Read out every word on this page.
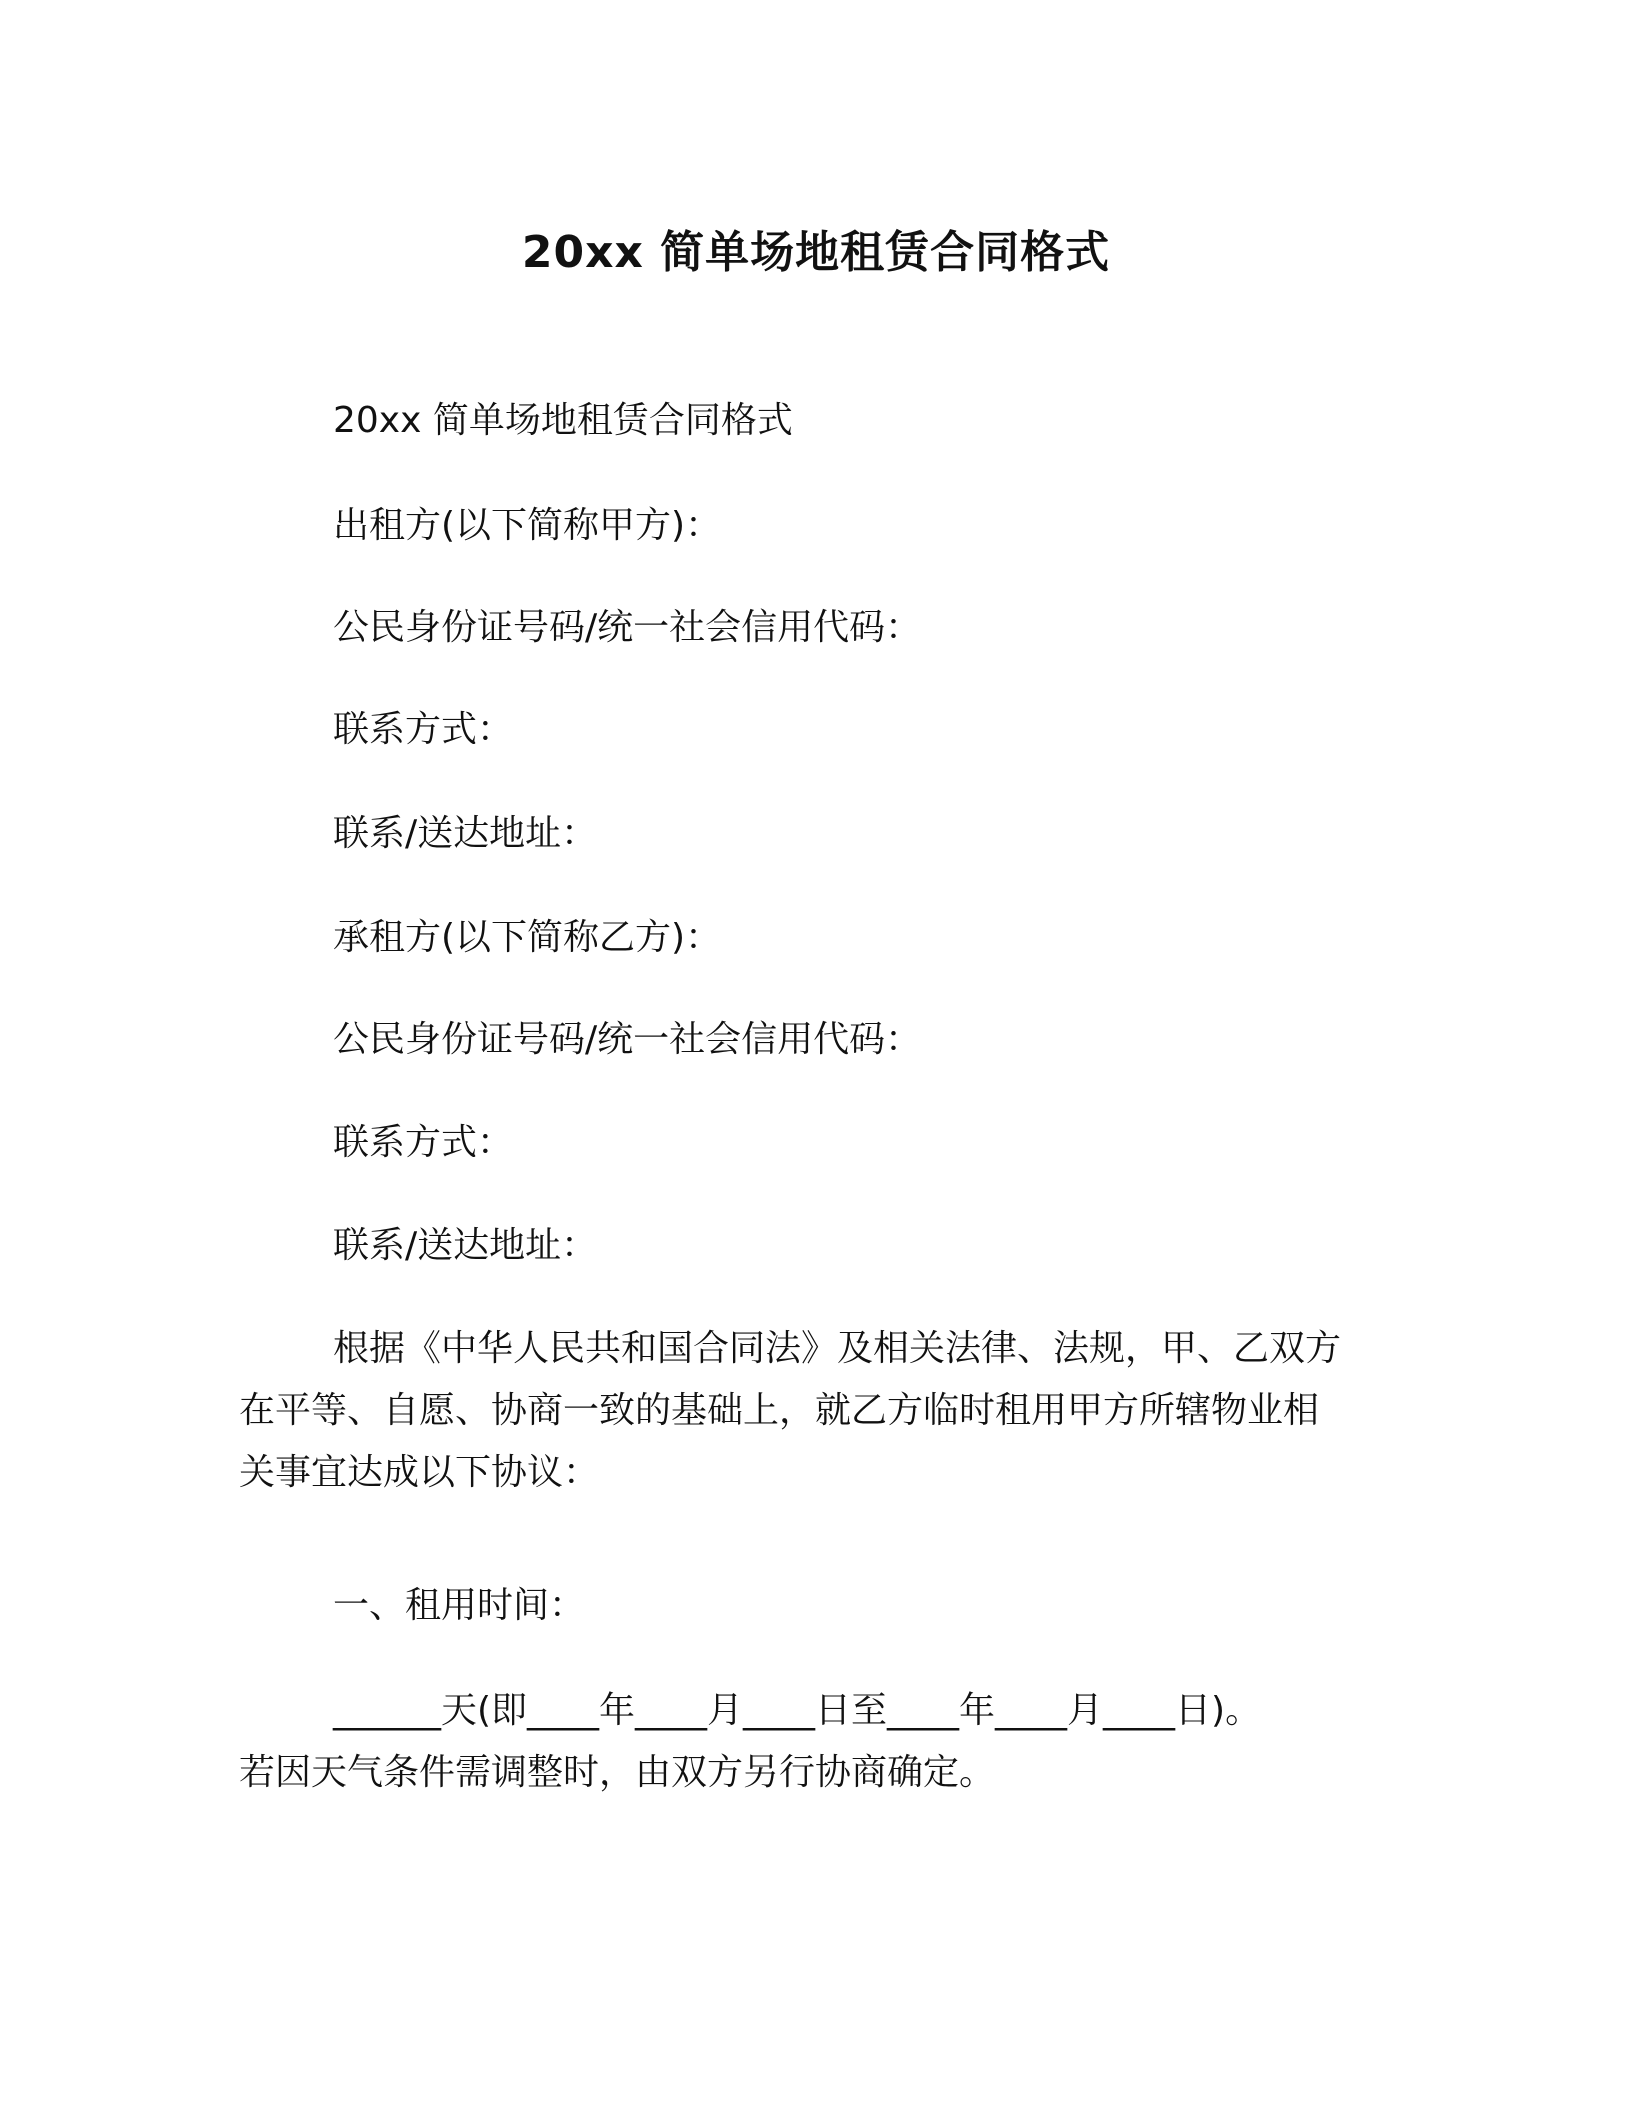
20xx 简单场地租赁合同格式
20xx 简单场地租赁合同格式
出租方(以下简称甲方)：
公民身份证号码/统一社会信用代码：
联系方式：
联系/送达地址：
承租方(以下简称乙方)：
公民身份证号码/统一社会信用代码：
联系方式：
联系/送达地址：
根据《中华人民共和国合同法》及相关法律、法规，甲、乙双方
在平等、自愿、协商一致的基础上，就乙方临时租用甲方所辖物业相
关事宜达成以下协议：
一、租用时间：
______天(即____年____月____日至____年____月____日)。
若因天气条件需调整时，由双方另行协商确定。
